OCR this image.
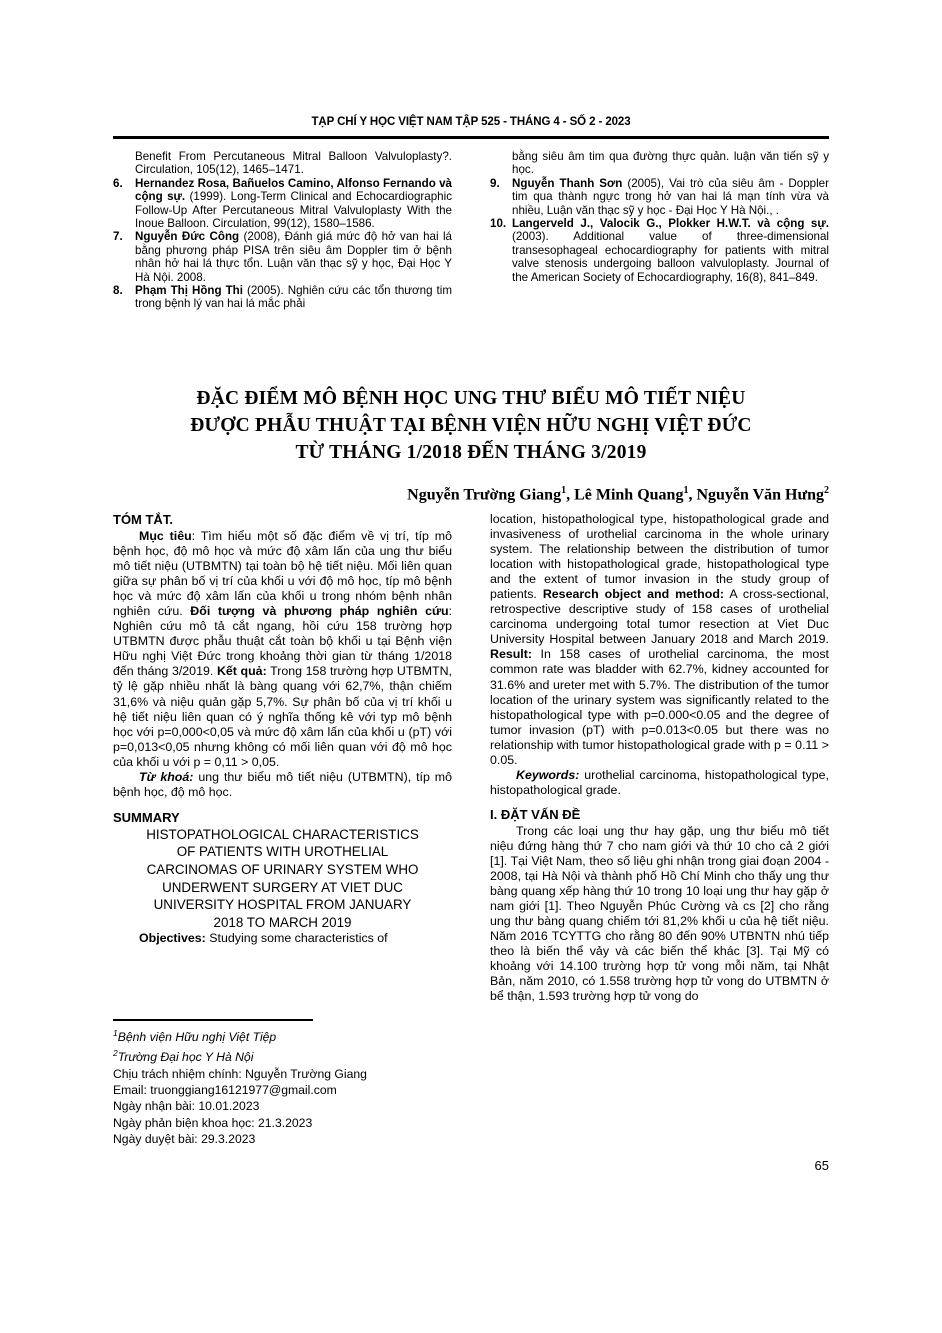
TẠP CHÍ Y HỌC VIỆT NAM TẬP 525 - THÁNG 4 - SỐ 2 - 2023
Benefit From Percutaneous Mitral Balloon Valvuloplasty?. Circulation, 105(12), 1465–1471.
6.	Hernandez Rosa, Bañuelos Camino, Alfonso Fernando và cộng sự. (1999). Long-Term Clinical and Echocardiographic Follow-Up After Percutaneous Mitral Valvuloplasty With the Inoue Balloon. Circulation, 99(12), 1580–1586.
7.	Nguyễn Đức Công (2008), Đánh giá mức độ hở van hai lá bằng phương pháp PISA trên siêu âm Doppler tim ở bệnh nhân hở hai lá thực tổn. Luận văn thạc sỹ y học, Đại Học Y Hà Nội. 2008.
8.	Phạm Thị Hồng Thi (2005). Nghiên cứu các tổn thương tim trong bệnh lý van hai lá mắc phải
bằng siêu âm tim qua đường thực quản. luận văn tiến sỹ y học.
9.	Nguyễn Thanh Sơn (2005), Vai trò của siêu âm - Doppler tim qua thành ngực trong hở van hai lá mạn tính vừa và nhiều, Luận văn thạc sỹ y học - Đại Học Y Hà Nội., .
10. Langerveld J., Valocik G., Plokker H.W.T. và cộng sự. (2003). Additional value of three-dimensional transesophageal echocardiography for patients with mitral valve stenosis undergoing balloon valvuloplasty. Journal of the American Society of Echocardiography, 16(8), 841–849.
ĐẶC ĐIỂM MÔ BỆNH HỌC UNG THƯ BIỂU MÔ TIẾT NIỆU
ĐƯỢC PHẪU THUẬT TẠI BỆNH VIỆN HỮU NGHỊ VIỆT ĐỨC
TỪ THÁNG 1/2018 ĐẾN THÁNG 3/2019
Nguyễn Trường Giang$^1$, Lê Minh Quang$^1$, Nguyễn Văn Hưng$^2$
TÓM TẮT.

Mục tiêu: Tìm hiểu một số đặc điểm về vị trí, típ mô bệnh học, độ mô học và mức độ xâm lấn của ung thư biểu mô tiết niệu (UTBMTN) tại toàn bộ hệ tiết niệu. Mối liên quan giữa sự phân bố vị trí của khối u với độ mô học, típ mô bệnh học và mức độ xâm lấn của khối u trong nhóm bệnh nhân nghiên cứu. Đối tượng và phương pháp nghiên cứu: Nghiên cứu mô tả cắt ngang, hồi cứu 158 trường hợp UTBMTN được phẫu thuật cắt toàn bộ khối u tại Bệnh viện Hữu nghị Việt Đức trong khoảng thời gian từ tháng 1/2018 đến tháng 3/2019. Kết quả: Trong 158 trường hợp UTBMTN, tỷ lệ gặp nhiều nhất là bàng quang với 62,7%, thận chiếm 31,6% và niệu quản gặp 5,7%. Sự phân bố của vị trí khối u hệ tiết niệu liên quan có ý nghĩa thống kê với typ mô bệnh học với p=0,000<0,05 và mức độ xâm lấn của khối u (pT) với p=0,013<0,05 nhưng không có mối liên quan với độ mô học của khối u với p = 0,11 > 0,05.

Từ khoá: ung thư biểu mô tiết niệu (UTBMTN), típ mô bệnh học, độ mô học.

SUMMARY
HISTOPATHOLOGICAL CHARACTERISTICS
OF PATIENTS WITH UROTHELIAL
CARCINOMAS OF URINARY SYSTEM WHO
UNDERWENT SURGERY AT VIET DUC
UNIVERSITY HOSPITAL FROM JANUARY
2018 TO MARCH 2019

Objectives: Studying some characteristics of

location, histopathological type, histopathological grade and invasiveness of urothelial carcinoma in the whole urinary system. The relationship between the distribution of tumor location with histopathological grade, histopathological type and the extent of tumor invasion in the study group of patients. Research object and method: A cross-sectional, retrospective descriptive study of 158 cases of urothelial carcinoma undergoing total tumor resection at Viet Duc University Hospital between January 2018 and March 2019. Result: In 158 cases of urothelial carcinoma, the most common rate was bladder with 62.7%, kidney accounted for 31.6% and ureter met with 5.7%. The distribution of the tumor location of the urinary system was significantly related to the histopathological type with p=0.000<0.05 and the degree of tumor invasion (pT) with p=0.013<0.05 but there was no relationship with tumor histopathological grade with p = 0.11 > 0.05.

Keywords: urothelial carcinoma, histopathological type, histopathological grade.

I. ĐẶT VẤN ĐỀ

Trong các loại ung thư hay gặp, ung thư biểu mô tiết niệu đứng hàng thứ 7 cho nam giới và thứ 10 cho cả 2 giới [1]. Tại Việt Nam, theo số liệu ghi nhận trong giai đoạn 2004 - 2008, tại Hà Nội và thành phố Hồ Chí Minh cho thấy ung thư bàng quang xếp hàng thứ 10 trong 10 loại ung thư hay gặp ở nam giới [1]. Theo Nguyễn Phúc Cường và cs [2] cho rằng ung thư bàng quang chiếm tới 81,2% khối u của hệ tiết niệu. Năm 2016 TCYTTG cho rằng 80 đến 90% UTBNTN nhú tiếp theo là biến thể vảy và các biến thể khác [3]. Tại Mỹ có khoảng với 14.100 trường hợp tử vong mỗi năm, tại Nhật Bản, năm 2010, có 1.558 trường hợp tử vong do UTBMTN ở bể thận, 1.593 trường hợp tử vong do

$^1$Bệnh viện Hữu nghị Việt Tiệp
$^2$Trường Đại học Y Hà Nội
Chịu trách nhiệm chính: Nguyễn Trường Giang
Email: truonggiang16121977@gmail.com
Ngày nhận bài: 10.01.2023
Ngày phản biện khoa học: 21.3.2023
Ngày duyệt bài: 29.3.2023
65
